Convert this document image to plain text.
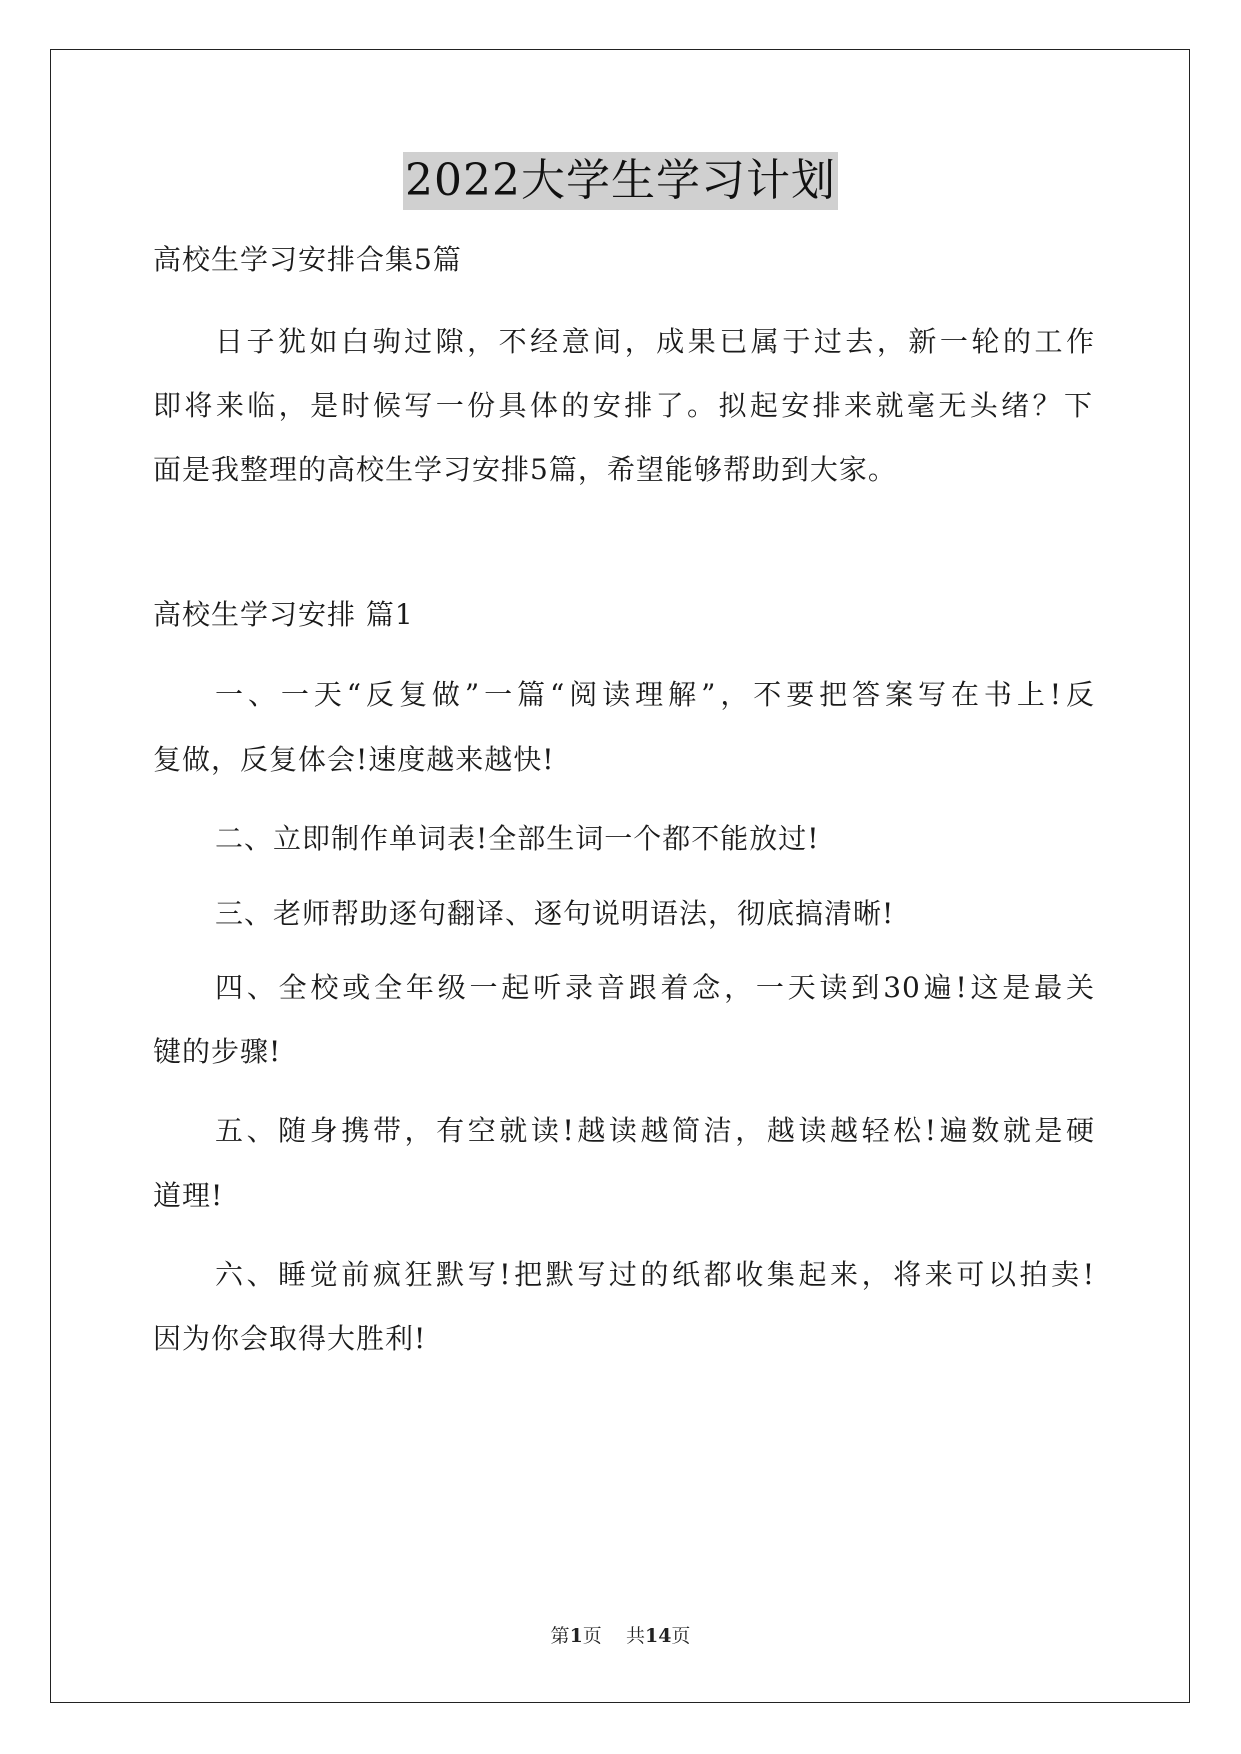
2022大学生学习计划
高校生学习安排合集5篇
日子犹如白驹过隙，不经意间，成果已属于过去，新一轮的工作
即将来临，是时候写一份具体的安排了。拟起安排来就毫无头绪？下
面是我整理的高校生学习安排5篇，希望能够帮助到大家。
高校生学习安排 篇1
一、一天“反复做”一篇“阅读理解”，不要把答案写在书上!反
复做，反复体会!速度越来越快!
二、立即制作单词表!全部生词一个都不能放过!
三、老师帮助逐句翻译、逐句说明语法，彻底搞清晰!
四、全校或全年级一起听录音跟着念，一天读到30遍!这是最关
键的步骤!
五、随身携带，有空就读!越读越简洁，越读越轻松!遍数就是硬
道理!
六、睡觉前疯狂默写!把默写过的纸都收集起来，将来可以拍卖!
因为你会取得大胜利!
第1页    共14页
